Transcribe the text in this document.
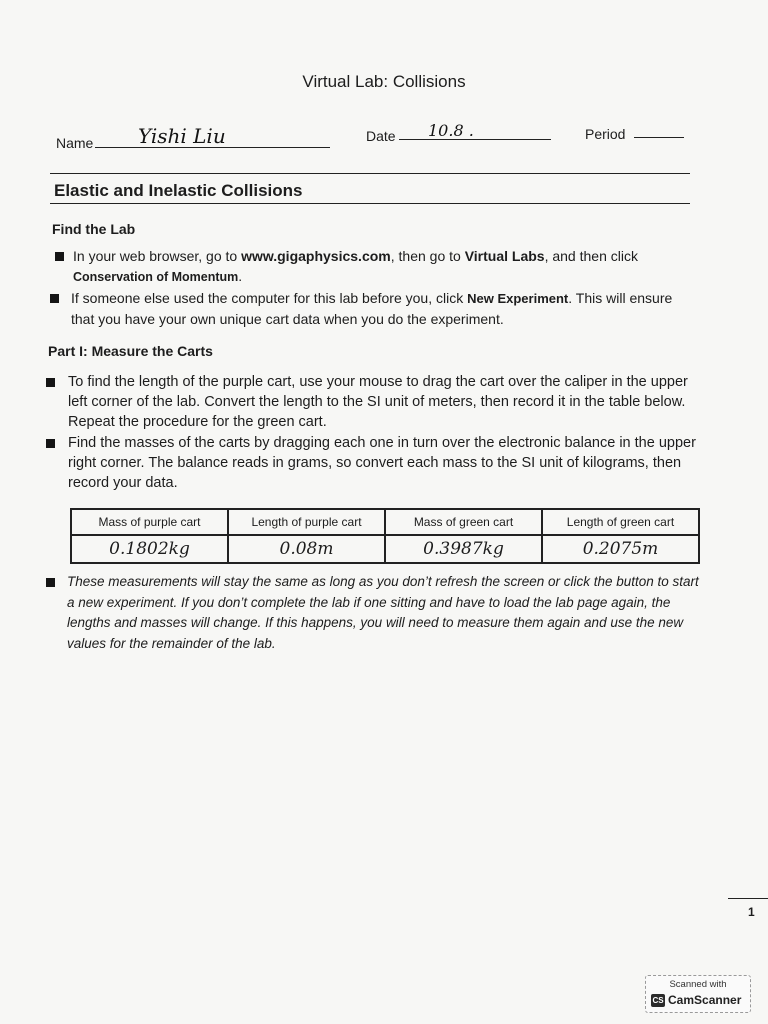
Virtual Lab: Collisions
Name Yishi Liu	Date 10.8 .	Period
Elastic and Inelastic Collisions
Find the Lab
In your web browser, go to www.gigaphysics.com, then go to Virtual Labs, and then click Conservation of Momentum.
If someone else used the computer for this lab before you, click New Experiment. This will ensure that you have your own unique cart data when you do the experiment.
Part I: Measure the Carts
To find the length of the purple cart, use your mouse to drag the cart over the caliper in the upper left corner of the lab. Convert the length to the SI unit of meters, then record it in the table below. Repeat the procedure for the green cart.
Find the masses of the carts by dragging each one in turn over the electronic balance in the upper right corner. The balance reads in grams, so convert each mass to the SI unit of kilograms, then record your data.
Mass of purple cart	Length of purple cart	Mass of green cart	Length of green cart
0.1802kg	0.08m	0.3987kg	0.2075m
These measurements will stay the same as long as you don’t refresh the screen or click the button to start a new experiment. If you don’t complete the lab if one sitting and have to load the lab page again, the lengths and masses will change. If this happens, you will need to measure them again and use the new values for the remainder of the lab.
1
Scanned with
CS CamScanner
